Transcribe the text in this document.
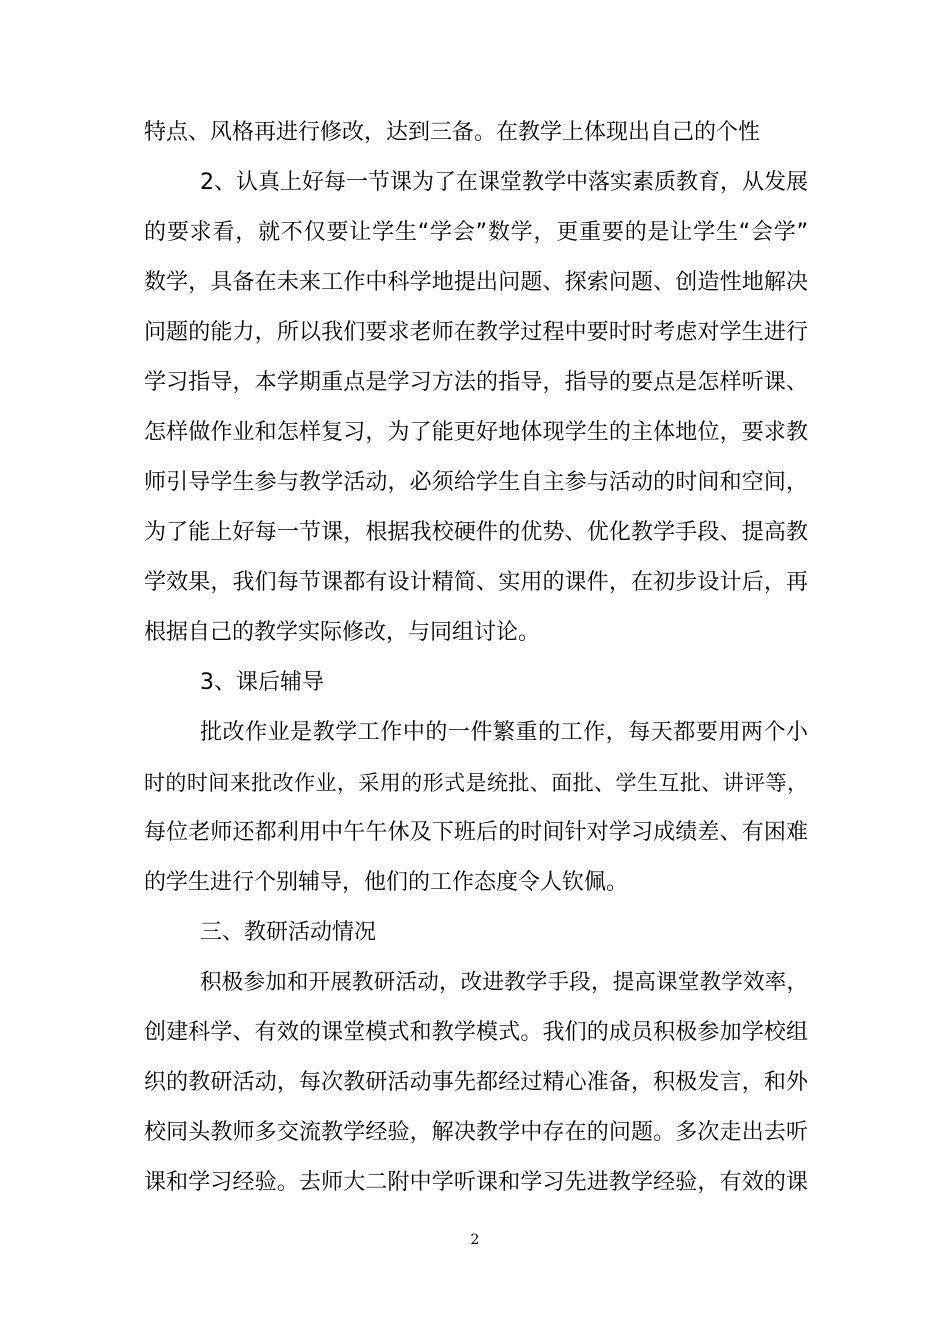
特点、风格再进行修改，达到三备。在教学上体现出自己的个性
2、认真上好每一节课为了在课堂教学中落实素质教育，从发展
的要求看，就不仅要让学生“学会”数学，更重要的是让学生“会学”
数学，具备在未来工作中科学地提出问题、探索问题、创造性地解决
问题的能力，所以我们要求老师在教学过程中要时时考虑对学生进行
学习指导，本学期重点是学习方法的指导，指导的要点是怎样听课、
怎样做作业和怎样复习，为了能更好地体现学生的主体地位，要求教
师引导学生参与教学活动，必须给学生自主参与活动的时间和空间，
为了能上好每一节课，根据我校硬件的优势、优化教学手段、提高教
学效果，我们每节课都有设计精简、实用的课件，在初步设计后，再
根据自己的教学实际修改，与同组讨论。
3、课后辅导
批改作业是教学工作中的一件繁重的工作，每天都要用两个小
时的时间来批改作业，采用的形式是统批、面批、学生互批、讲评等，
每位老师还都利用中午午休及下班后的时间针对学习成绩差、有困难
的学生进行个别辅导，他们的工作态度令人钦佩。
三、教研活动情况
积极参加和开展教研活动，改进教学手段，提高课堂教学效率，
创建科学、有效的课堂模式和教学模式。我们的成员积极参加学校组
织的教研活动，每次教研活动事先都经过精心准备，积极发言，和外
校同头教师多交流教学经验，解决教学中存在的问题。多次走出去听
课和学习经验。去师大二附中学听课和学习先进教学经验，有效的课
2
